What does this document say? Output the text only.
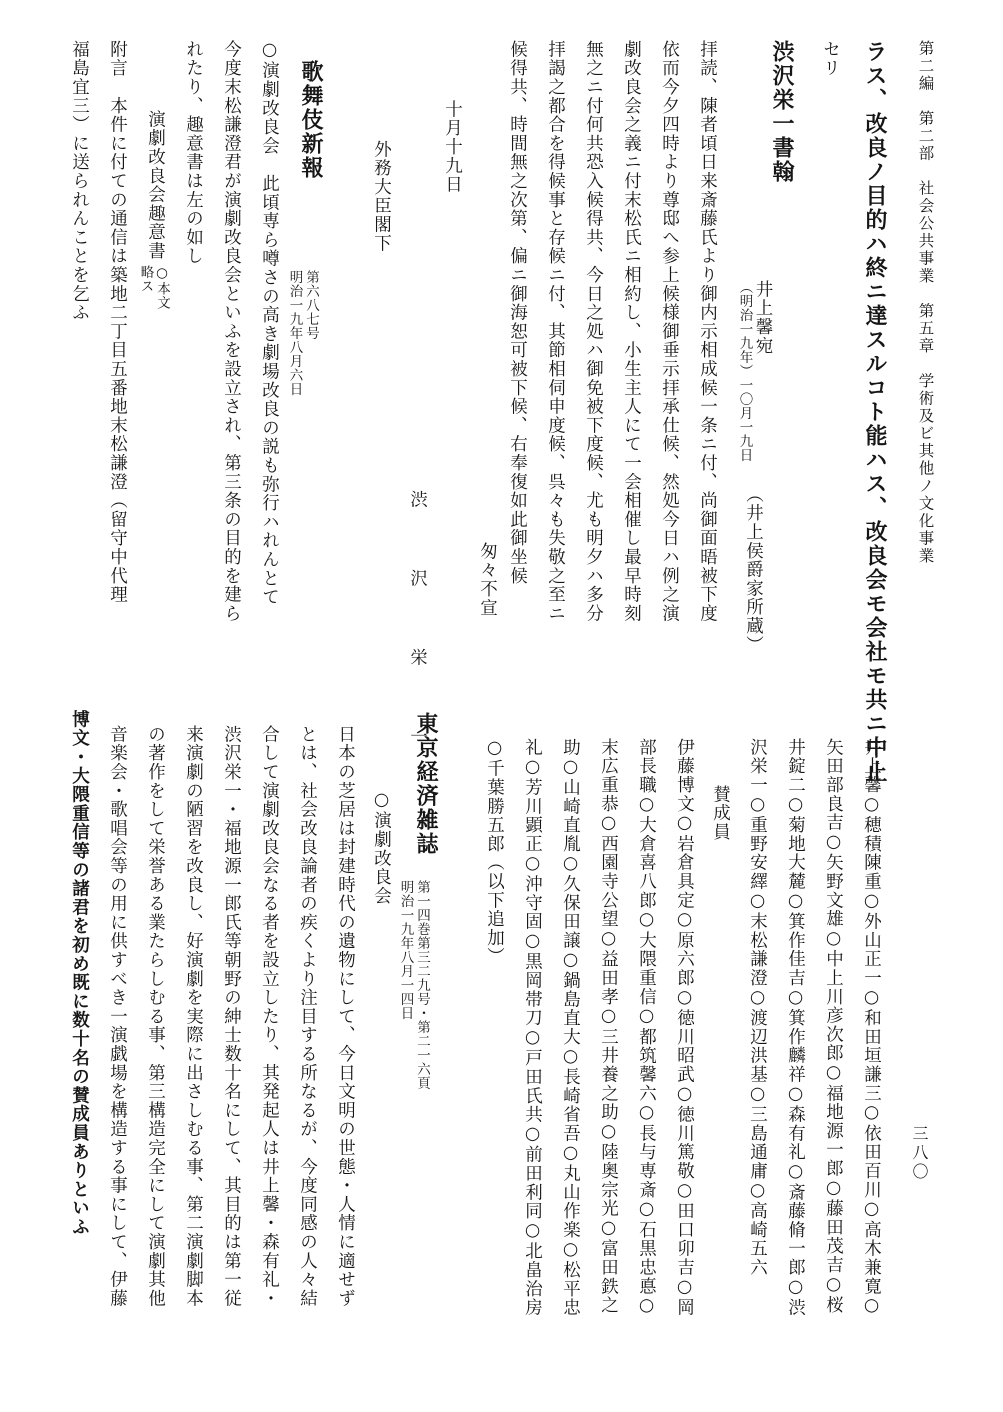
第二編　第二部　社会公共事業　第五章　学術及ビ其他ノ文化事業
三八〇
ラス、改良ノ目的ハ終ニ達スルコト能ハス、改良会モ会社モ共ニ中止
セリ
渋沢栄一書翰
井上馨宛
（明治一九年）一〇月一九日
（井上侯爵家所蔵）
拝読、陳者頃日来斎藤氏より御内示相成候一条ニ付、尚御面晤被下度
依而今夕四時より尊邸へ参上候様御垂示拝承仕候、然処今日ハ例之演
劇改良会之義ニ付末松氏ニ相約し、小生主人にて一会相催し最早時刻
無之ニ付何共恐入候得共、今日之処ハ御免被下度候、尤も明夕ハ多分
拝謁之都合を得候事と存候ニ付、其節相伺申度候、呉々も失敬之至ニ
候得共、時間無之次第、偏ニ御海恕可被下候、右奉復如此御坐候
匆々不宣
十月十九日
渋　沢　栄　一
外務大臣閣下
歌舞伎新報
第六八七号
明治一九年八月六日
○演劇改良会　此頃専ら噂さの高き劇場改良の説も弥行ハれんとて
今度末松謙澄君が演劇改良会といふを設立され、第三条の目的を建ら
れたり、趣意書は左の如し
演劇改良会趣意書
○本文
略ス
附言　本件に付ての通信は築地二丁目五番地末松謙澄（留守中代理
福島宜三）に送られんことを乞ふ
井上馨○穂積陳重○外山正一○和田垣謙三○依田百川○高木兼寛○
矢田部良吉○矢野文雄○中上川彦次郎○福地源一郎○藤田茂吉○桜
井錠二○菊地大麓○箕作佳吉○箕作麟祥○森有礼○斎藤脩一郎○渋
沢栄一○重野安繹○末松謙澄○渡辺洪基○三島通庸○高崎五六
賛成員
伊藤博文○岩倉具定○原六郎○徳川昭武○徳川篤敬○田口卯吉○岡
部長職○大倉喜八郎○大隈重信○都筑馨六○長与専斎○石黒忠悳○
末広重恭○西園寺公望○益田孝○三井養之助○陸奥宗光○富田鉄之
助○山崎直胤○久保田譲○鍋島直大○長崎省吾○丸山作楽○松平忠
礼○芳川顕正○沖守固○黒岡帯刀○戸田氏共○前田利同○北畠治房
○千葉勝五郎（以下追加）
東京経済雑誌
第一四巻第三二九号・第二一六頁
明治一九年八月一四日
○演劇改良会
日本の芝居は封建時代の遺物にして、今日文明の世態・人情に適せず
とは、社会改良論者の疾くより注目する所なるが、今度同感の人々結
合して演劇改良会なる者を設立したり、其発起人は井上馨・森有礼・
渋沢栄一・福地源一郎氏等朝野の紳士数十名にして、其目的は第一従
来演劇の陋習を改良し、好演劇を実際に出さしむる事、第二演劇脚本
の著作をして栄誉ある業たらしむる事、第三構造完全にして演劇其他
音楽会・歌唱会等の用に供すべき一演戯場を構造する事にして、伊藤
博文・大隈重信等の諸君を初め既に数十名の賛成員ありといふ
